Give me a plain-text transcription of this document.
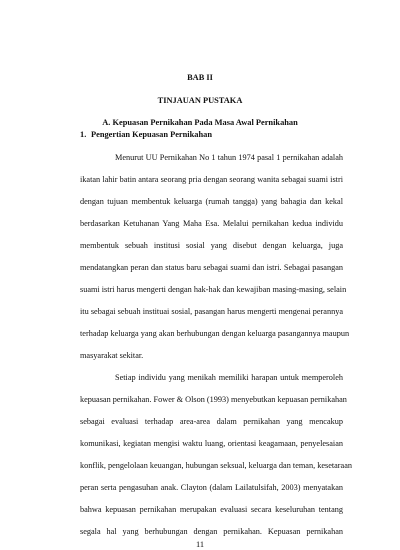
BAB II
TINJAUAN PUSTAKA
A. Kepuasan Pernikahan Pada Masa Awal Pernikahan
1. Pengertian Kepuasan Pernikahan
Menurut UU Pernikahan No 1 tahun 1974 pasal 1 pernikahan adalah
ikatan lahir batin antara seorang pria dengan seorang wanita sebagai suami istri
dengan tujuan membentuk keluarga (rumah tangga) yang bahagia dan kekal
berdasarkan Ketuhanan Yang Maha Esa. Melalui pernikahan kedua individu
membentuk sebuah institusi sosial yang disebut dengan keluarga, juga
mendatangkan peran dan status baru sebagai suami dan istri. Sebagai pasangan
suami istri harus mengerti dengan hak-hak dan kewajiban masing-masing, selain
itu sebagai sebuah instituai sosial, pasangan harus mengerti mengenai perannya
terhadap keluarga yang akan berhubungan dengan keluarga pasangannya maupun
masyarakat sekitar.
Setiap individu yang menikah memiliki harapan untuk memperoleh
kepuasan pernikahan. Fower & Olson (1993) menyebutkan kepuasan pernikahan
sebagai evaluasi terhadap area-area dalam pernikahan yang mencakup
komunikasi, kegiatan mengisi waktu luang, orientasi keagamaan, penyelesaian
konflik, pengelolaan keuangan, hubungan seksual, keluarga dan teman, kesetaraan
peran serta pengasuhan anak. Clayton (dalam Lailatulsifah, 2003) menyatakan
bahwa kepuasan pernikahan merupakan evaluasi secara keseluruhan tentang
segala hal yang berhubungan dengan pernikahan. Kepuasan pernikahan
11
